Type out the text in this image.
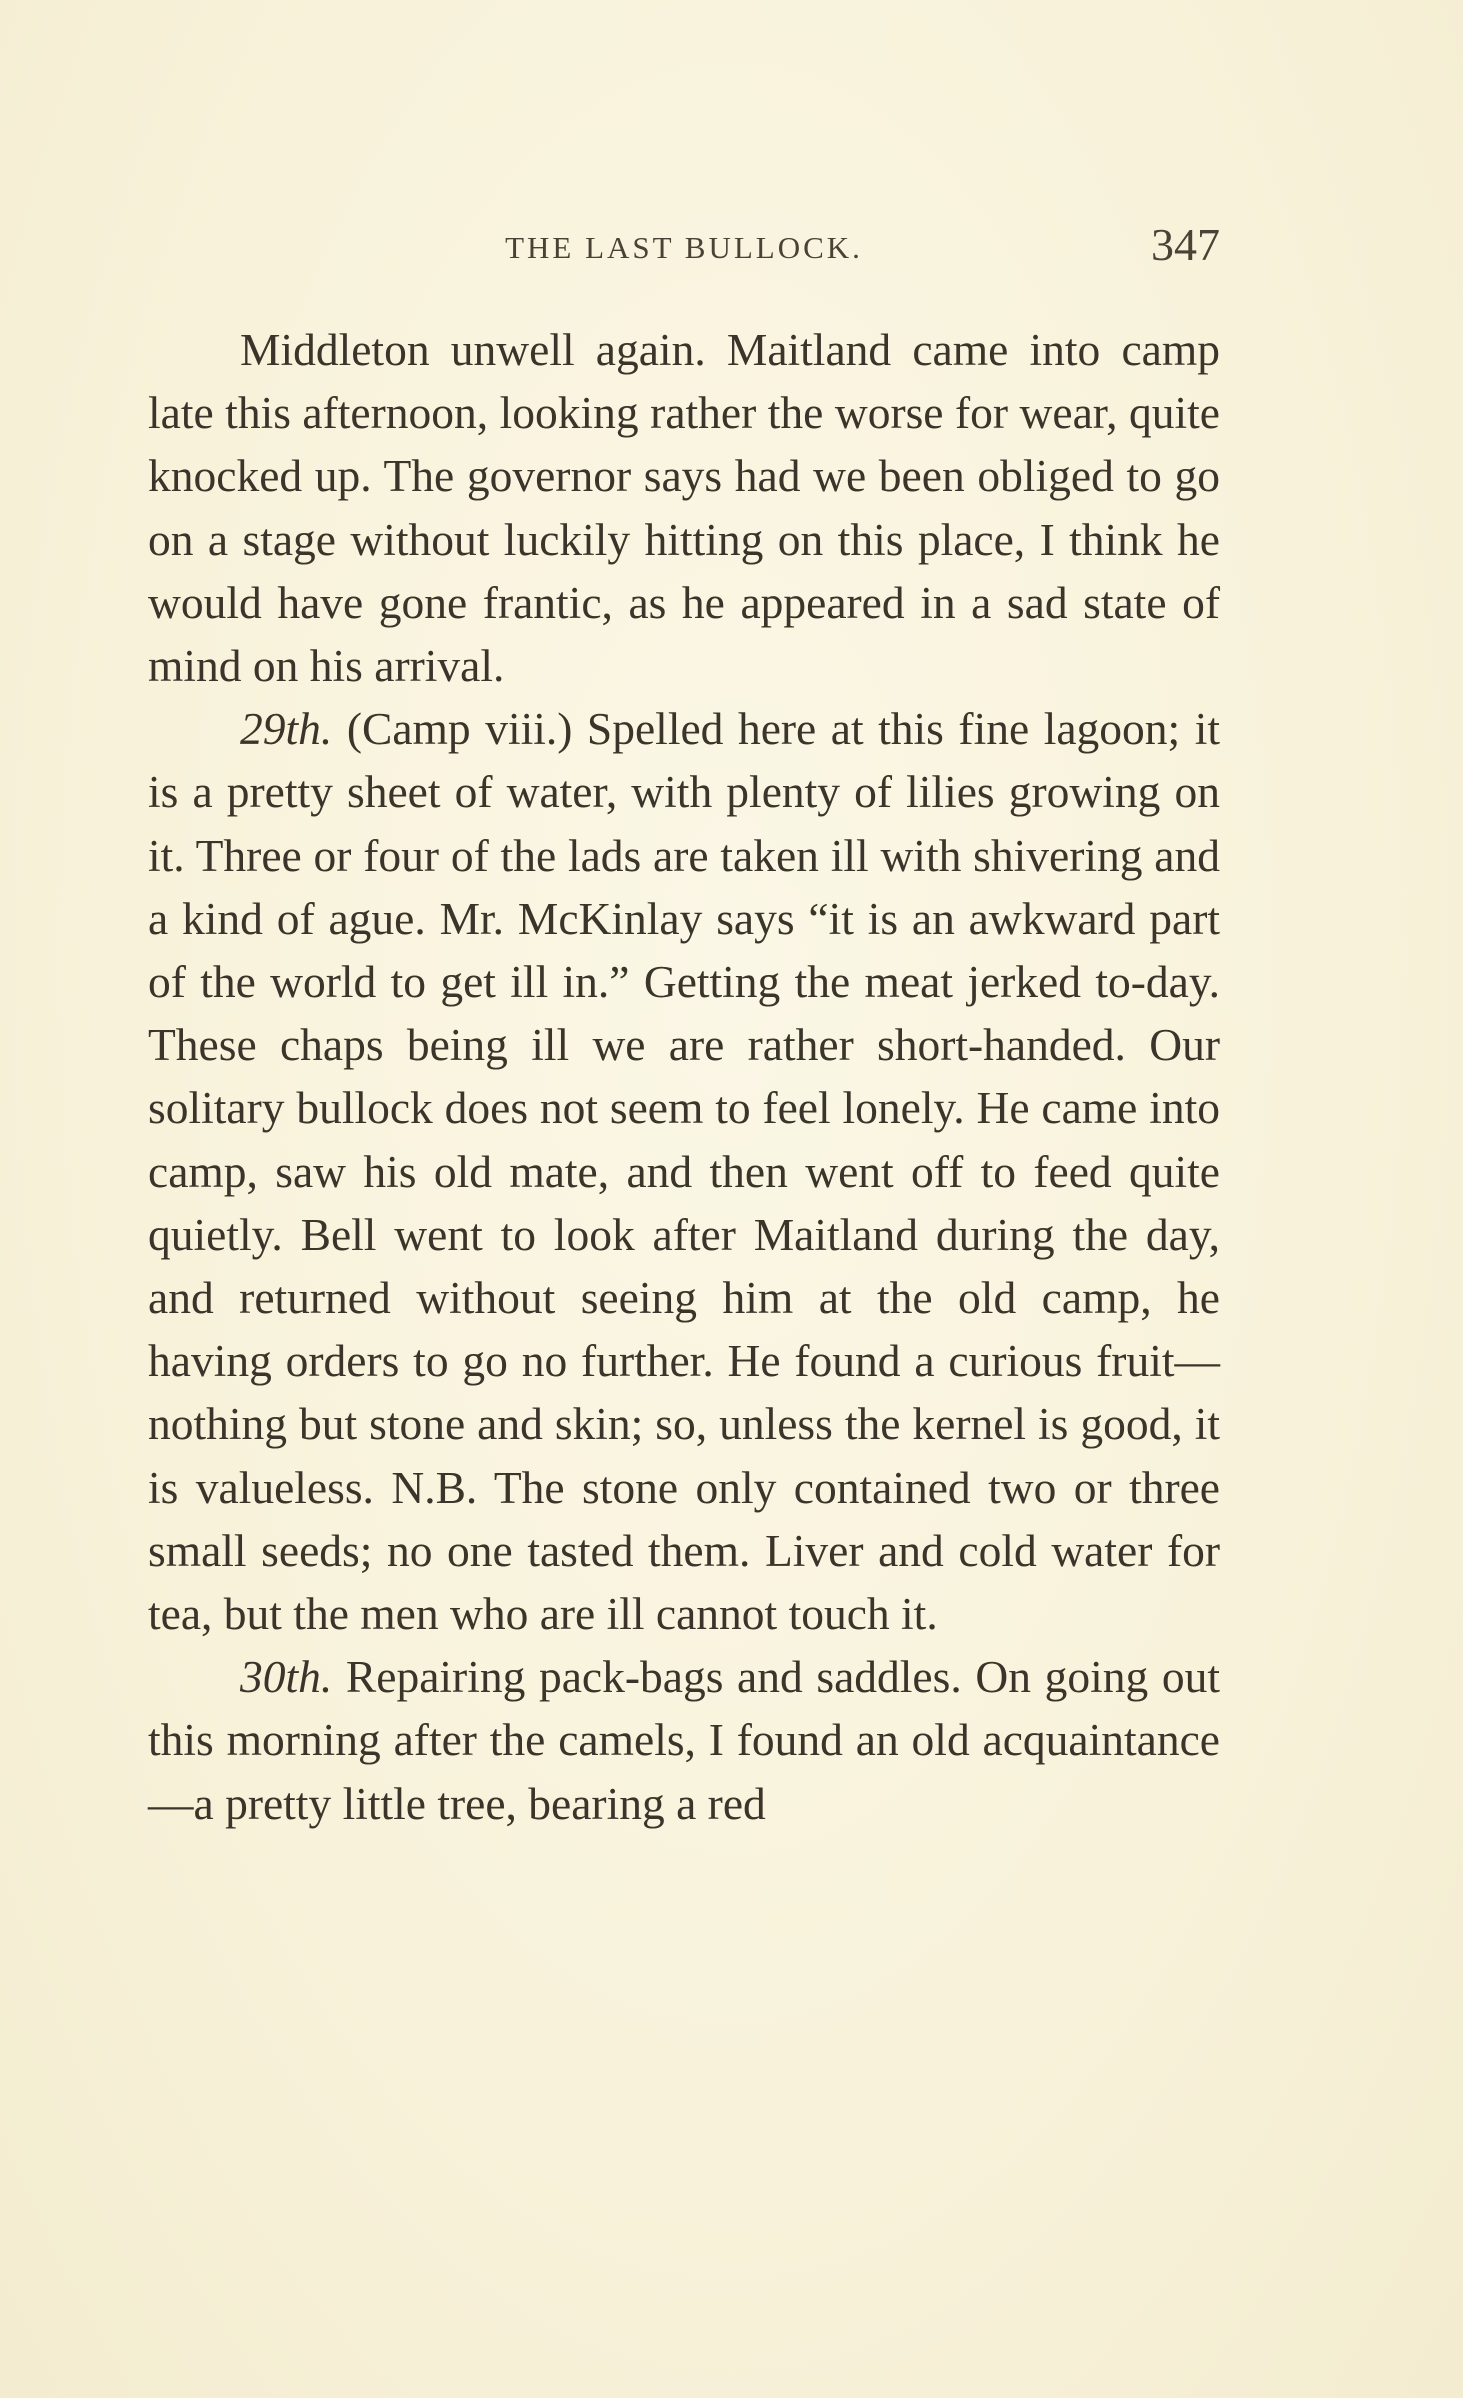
THE LAST BULLOCK.	347

Middleton unwell again. Maitland came into camp late this afternoon, looking rather the worse for wear, quite knocked up. The governor says had we been obliged to go on a stage without luckily hitting on this place, I think he would have gone frantic, as he appeared in a sad state of mind on his arrival.

29th. (Camp viii.) Spelled here at this fine lagoon; it is a pretty sheet of water, with plenty of lilies growing on it. Three or four of the lads are taken ill with shivering and a kind of ague. Mr. McKinlay says “it is an awkward part of the world to get ill in.” Getting the meat jerked to-day. These chaps being ill we are rather short-handed. Our solitary bullock does not seem to feel lonely. He came into camp, saw his old mate, and then went off to feed quite quietly. Bell went to look after Maitland during the day, and returned without seeing him at the old camp, he having orders to go no further. He found a curious fruit—nothing but stone and skin; so, unless the kernel is good, it is valueless. N.B. The stone only contained two or three small seeds; no one tasted them. Liver and cold water for tea, but the men who are ill cannot touch it.

30th. Repairing pack-bags and saddles. On going out this morning after the camels, I found an old acquaintance—a pretty little tree, bearing a red
